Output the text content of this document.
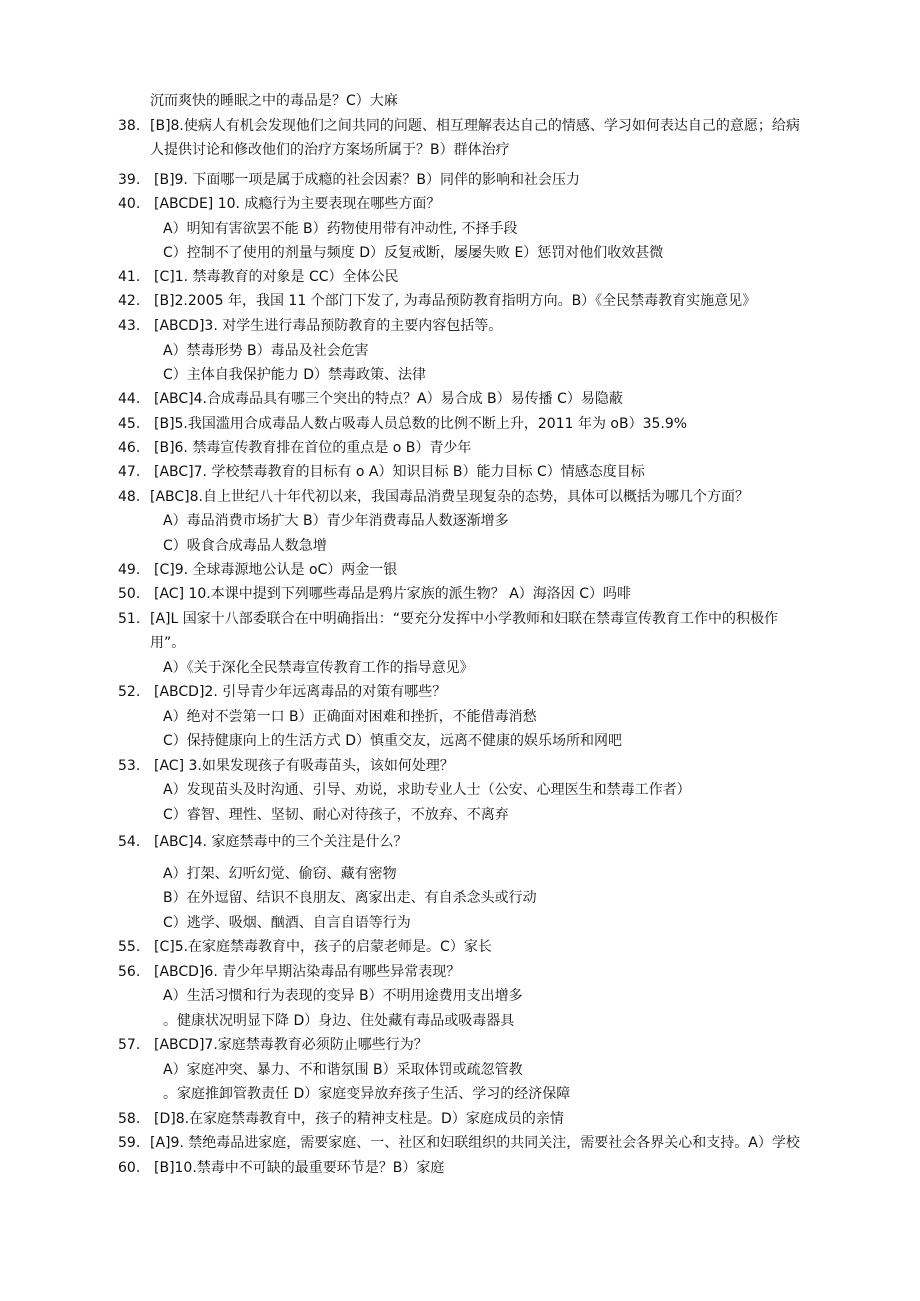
沉而爽快的睡眠之中的毒品是？C）大麻
38. [B]8.使病人有机会发现他们之间共同的问题、相互理解表达自己的情感、学习如何表达自己的意愿；给病
人提供讨论和修改他们的治疗方案场所属于？B）群体治疗
39. [B]9. 下面哪一项是属于成瘾的社会因素？B）同伴的影响和社会压力
40. [ABCDE] 10. 成瘾行为主要表现在哪些方面？
A）明知有害欲罢不能 B）药物使用带有冲动性, 不择手段
C）控制不了使用的剂量与频度 D）反复戒断，屡屡失败 E）惩罚对他们收效甚微
41. [C]1. 禁毒教育的对象是 CC）全体公民
42. [B]2.2005 年，我国 11 个部门下发了, 为毒品预防教育指明方向。B）《全民禁毒教育实施意见》
43. [ABCD]3. 对学生进行毒品预防教育的主要内容包括等。
A）禁毒形势 B）毒品及社会危害
C）主体自我保护能力 D）禁毒政策、法律
44. [ABC]4.合成毒品具有哪三个突出的特点？A）易合成 B）易传播 C）易隐蔽
45. [B]5.我国滥用合成毒品人数占吸毒人员总数的比例不断上升，2011 年为 oB）35.9%
46. [B]6. 禁毒宣传教育排在首位的重点是 o B）青少年
47. [ABC]7. 学校禁毒教育的目标有 o A）知识目标 B）能力目标 C）情感态度目标
48. [ABC]8.自上世纪八十年代初以来，我国毒品消费呈现复杂的态势，具体可以概括为哪几个方面？
A）毒品消费市场扩大 B）青少年消费毒品人数逐渐增多
C）吸食合成毒品人数急增
49. [C]9. 全球毒源地公认是 oC）两金一银
50. [AC] 10.本课中提到下列哪些毒品是鸦片家族的派生物？ A）海洛因 C）吗啡
51. [A]L 国家十八部委联合在中明确指出：“要充分发挥中小学教师和妇联在禁毒宣传教育工作中的积极作
用”。
A）《关于深化全民禁毒宣传教育工作的指导意见》
52. [ABCD]2. 引导青少年远离毒品的对策有哪些？
A）绝对不尝第一口 B）正确面对困难和挫折，不能借毒消愁
C）保持健康向上的生活方式 D）慎重交友，远离不健康的娱乐场所和网吧
53. [AC] 3.如果发现孩子有吸毒苗头，该如何处理？
A）发现苗头及时沟通、引导、劝说，求助专业人士（公安、心理医生和禁毒工作者）
C）睿智、理性、坚韧、耐心对待孩子，不放弃、不离弃
54. [ABC]4. 家庭禁毒中的三个关注是什么？
A）打架、幻听幻觉、偷窃、藏有密物
B）在外逗留、结识不良朋友、离家出走、有自杀念头或行动
C）逃学、吸烟、酗酒、自言自语等行为
55. [C]5.在家庭禁毒教育中，孩子的启蒙老师是。C）家长
56. [ABCD]6. 青少年早期沾染毒品有哪些异常表现？
A）生活习惯和行为表现的变异 B）不明用途费用支出增多
。健康状况明显下降 D）身边、住处藏有毒品或吸毒器具
57. [ABCD]7.家庭禁毒教育必须防止哪些行为？
A）家庭冲突、暴力、不和谐氛围 B）采取体罚或疏忽管教
。家庭推卸管教责任 D）家庭变异放弃孩子生活、学习的经济保障
58. [D]8.在家庭禁毒教育中，孩子的精神支柱是。D）家庭成员的亲情
59. [A]9. 禁绝毒品进家庭，需要家庭、一、社区和妇联组织的共同关注，需要社会各界关心和支持。A）学校
60. [B]10.禁毒中不可缺的最重要环节是？B）家庭
